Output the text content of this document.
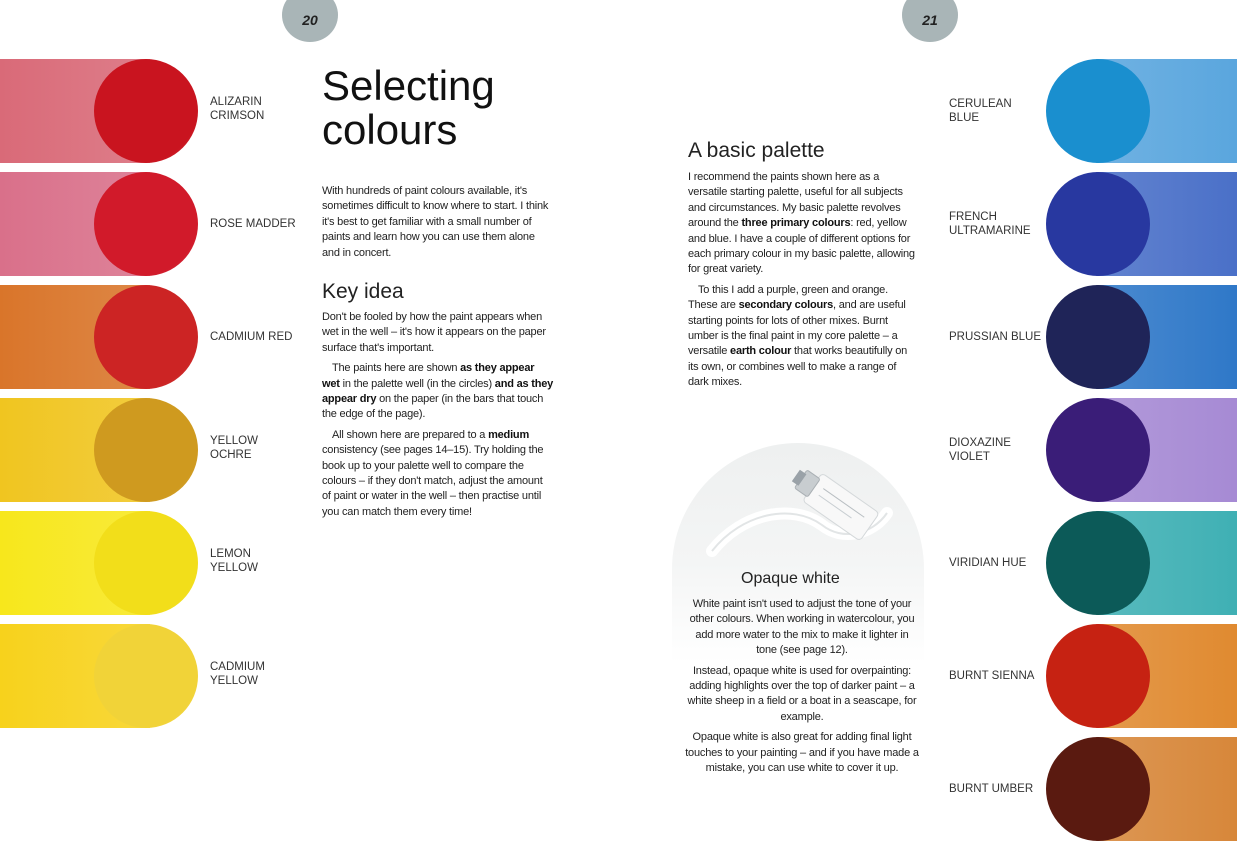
20
ALIZARIN
CRIMSON
ROSE MADDER

CADMIUM RED

YELLOW
OCHRE
LEMON
YELLOW
CADMIUM
YELLOW
Selecting
colours

With hundreds of paint colours available, it's sometimes difficult to know where to start. I think it's best to get familiar with a small number of paints and learn how you can use them alone and in concert.

Key idea

Don't be fooled by how the paint appears when wet in the well – it's how it appears on the paper surface that's important.

The paints here are shown as they appear wet in the palette well (in the circles) and as they appear dry on the paper (in the bars that touch the edge of the page).

All shown here are prepared to a medium consistency (see pages 14–15). Try holding the book up to your palette well to compare the colours – if they don't match, adjust the amount of paint or water in the well – then practise until you can match them every time!

21
CERULEAN
BLUE
FRENCH
ULTRAMARINE
PRUSSIAN BLUE

DIOXAZINE
VIOLET
VIRIDIAN HUE

BURNT SIENNA

BURNT UMBER

A basic palette

I recommend the paints shown here as a versatile starting palette, useful for all subjects and circumstances. My basic palette revolves around the three primary colours: red, yellow and blue. I have a couple of different options for each primary colour in my basic palette, allowing for great variety.

To this I add a purple, green and orange. These are secondary colours, and are useful starting points for lots of other mixes. Burnt umber is the final paint in my core palette – a versatile earth colour that works beautifully on its own, or combines well to make a range of dark mixes.

Opaque white

White paint isn't used to adjust the tone of your other colours. When working in watercolour, you add more water to the mix to make it lighter in tone (see page 12).

Instead, opaque white is used for overpainting: adding highlights over the top of darker paint – a white sheep in a field or a boat in a seascape, for example.

Opaque white is also great for adding final light touches to your painting – and if you have made a mistake, you can use white to cover it up.
